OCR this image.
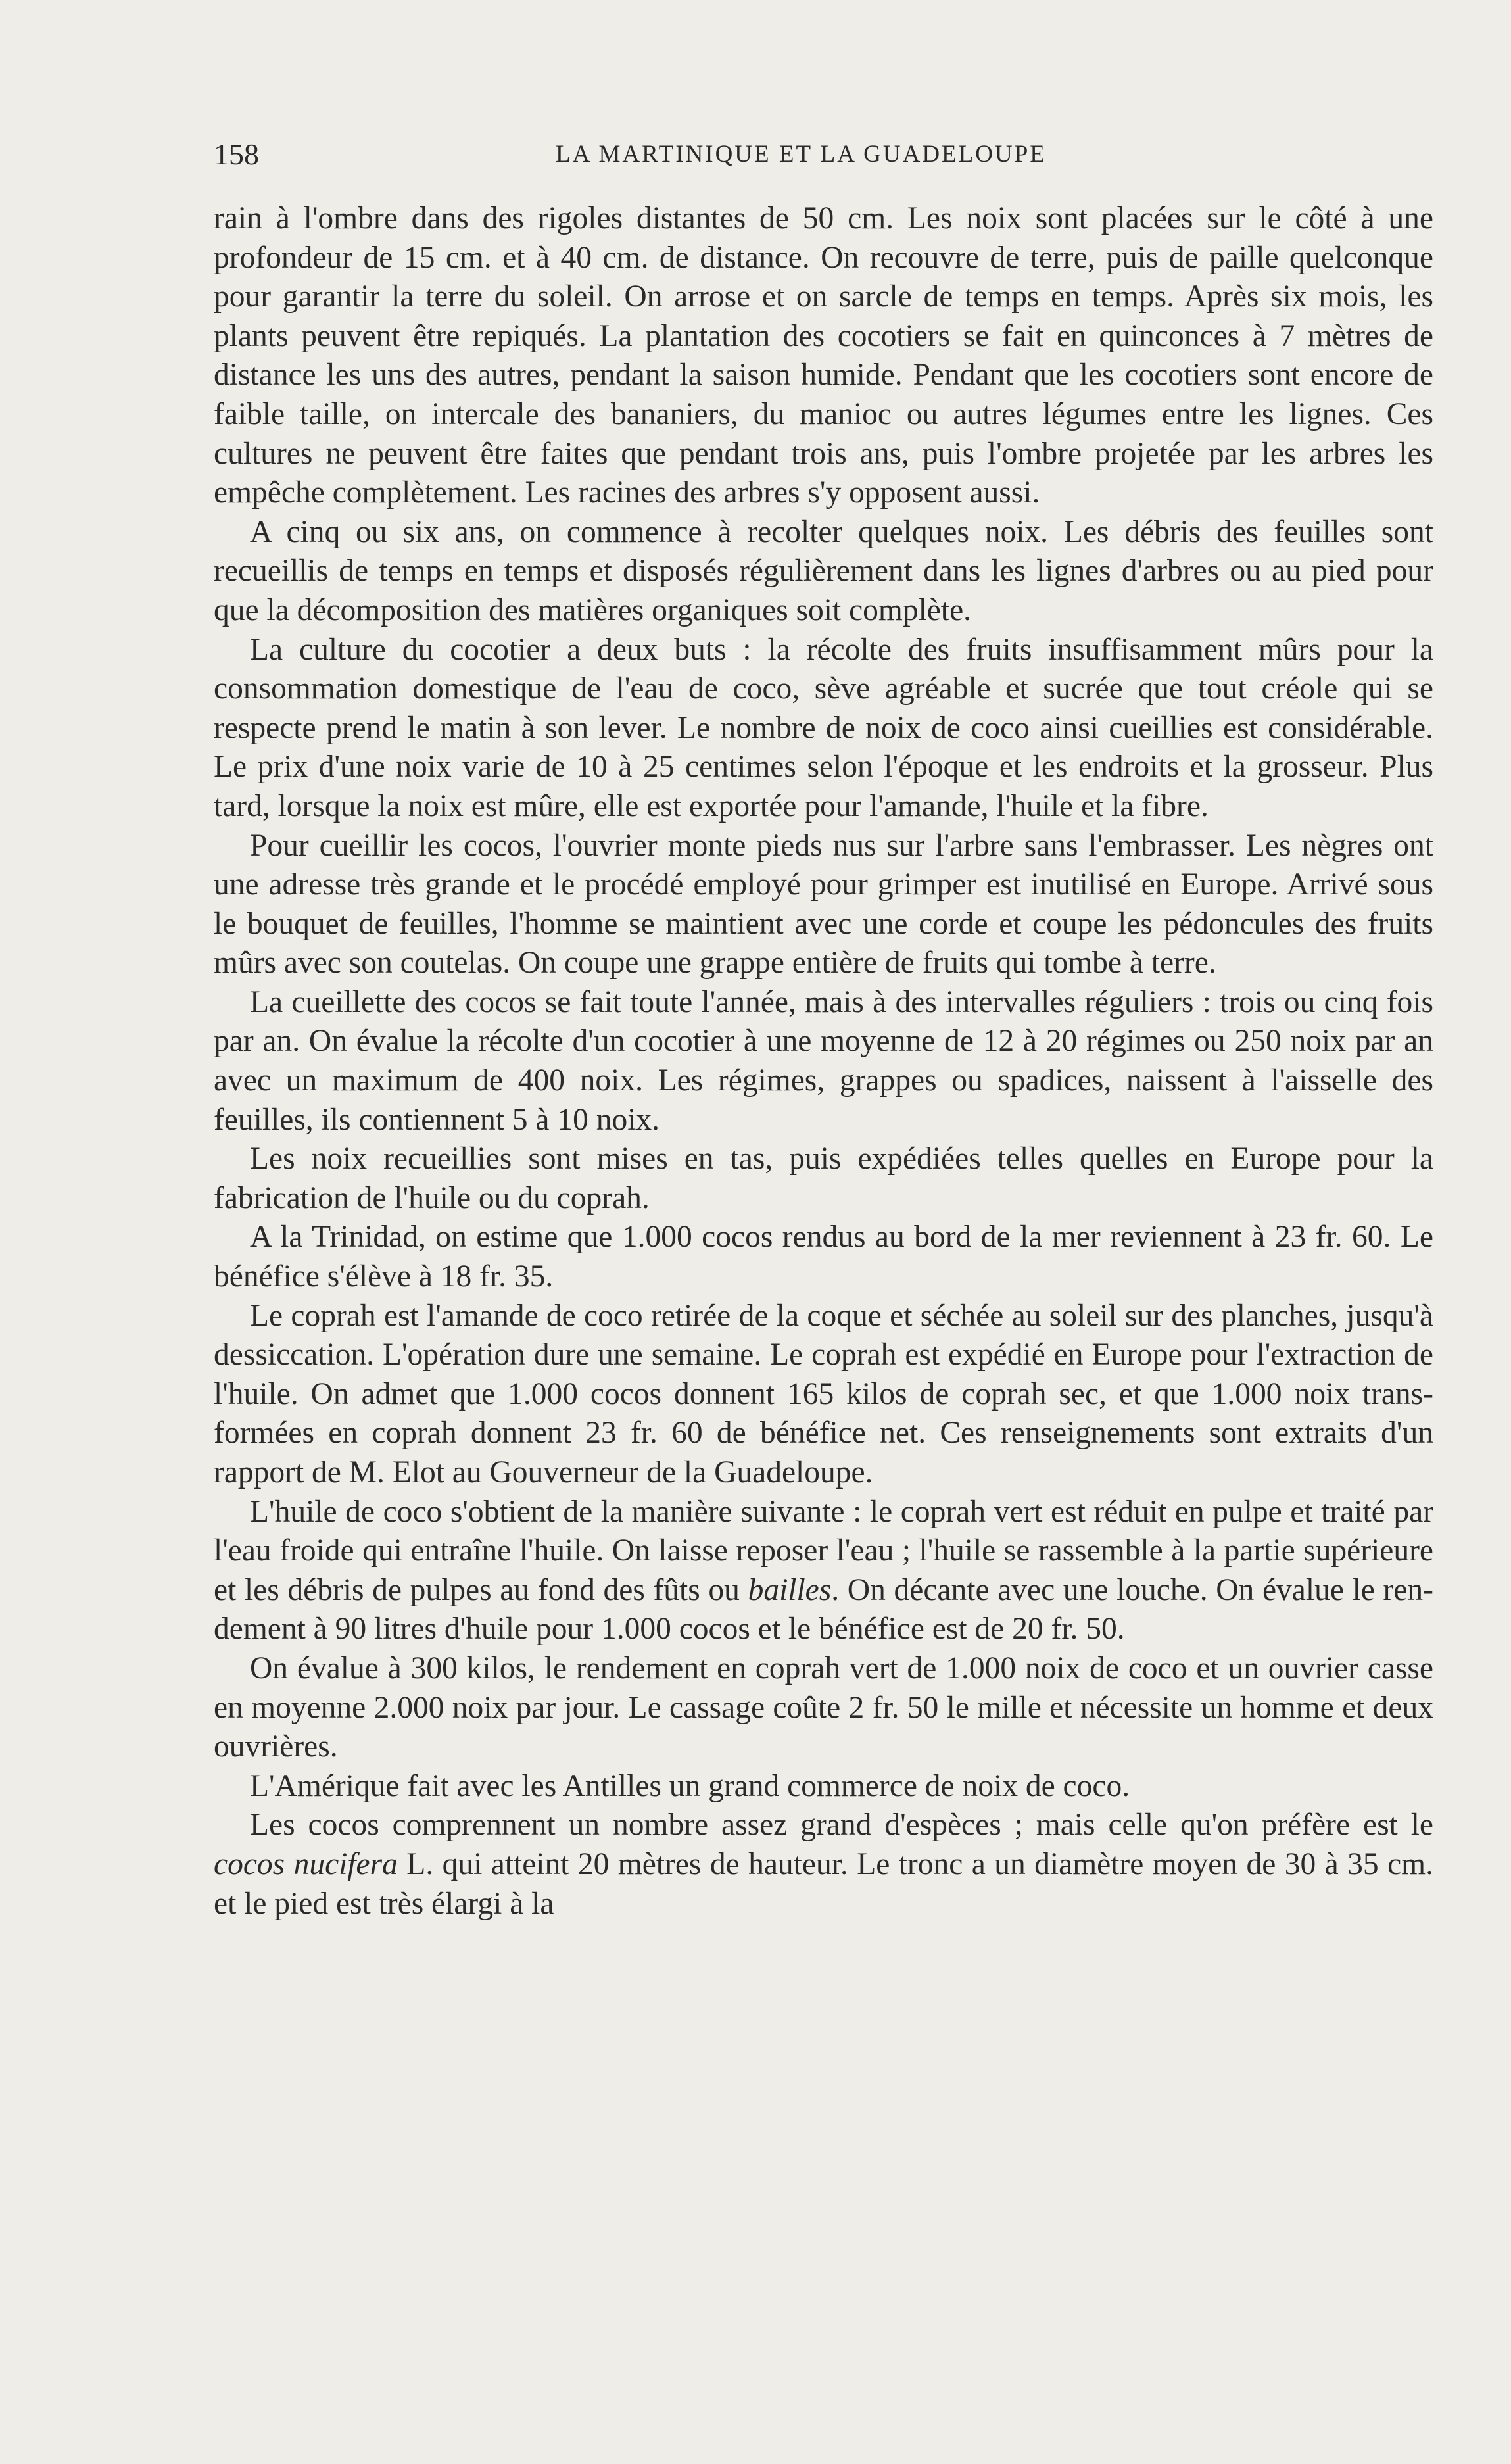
158	LA MARTINIQUE ET LA GUADELOUPE

rain à l'ombre dans des rigoles distantes de 50 cm. Les noix sont placées sur le côté à une profondeur de 15 cm. et à 40 cm. de distance. On recouvre de terre, puis de paille quelconque pour garantir la terre du soleil. On arrose et on sarcle de temps en temps. Après six mois, les plants peuvent être repiqués. La plantation des cocotiers se fait en quinconces à 7 mètres de distance les uns des autres, pendant la saison humide. Pendant que les cocotiers sont encore de faible taille, on intercale des bananiers, du manioc ou autres légumes entre les lignes. Ces cultures ne peuvent être faites que pendant trois ans, puis l'ombre projetée par les arbres les empêche complètement. Les racines des arbres s'y opposent aussi.

A cinq ou six ans, on commence à recolter quelques noix. Les débris des feuilles sont recueillis de temps en temps et disposés régulièrement dans les lignes d'arbres ou au pied pour que la décomposition des matières organiques soit complète.

La culture du cocotier a deux buts : la récolte des fruits insuffisamment mûrs pour la consommation domestique de l'eau de coco, sève agréable et sucrée que tout créole qui se respecte prend le matin à son lever. Le nombre de noix de coco ainsi cueillies est considérable. Le prix d'une noix varie de 10 à 25 centimes selon l'époque et les endroits et la grosseur. Plus tard, lorsque la noix est mûre, elle est exportée pour l'amande, l'huile et la fibre.

Pour cueillir les cocos, l'ouvrier monte pieds nus sur l'arbre sans l'embrasser. Les nègres ont une adresse très grande et le procédé employé pour grimper est inutilisé en Europe. Arrivé sous le bouquet de feuilles, l'homme se maintient avec une corde et coupe les pédoncules des fruits mûrs avec son coutelas. On coupe une grappe entière de fruits qui tombe à terre.

La cueillette des cocos se fait toute l'année, mais à des intervalles réguliers : trois ou cinq fois par an. On évalue la récolte d'un cocotier à une moyenne de 12 à 20 régimes ou 250 noix par an avec un maximum de 400 noix. Les régimes, grappes ou spadices, naissent à l'aisselle des feuilles, ils contiennent 5 à 10 noix.

Les noix recueillies sont mises en tas, puis expédiées telles quelles en Europe pour la fabrication de l'huile ou du coprah.

A la Trinidad, on estime que 1.000 cocos rendus au bord de la mer reviennent à 23 fr. 60. Le bénéfice s'élève à 18 fr. 35.

Le coprah est l'amande de coco retirée de la coque et séchée au soleil sur des planches, jusqu'à dessiccation. L'opération dure une semaine. Le coprah est expédié en Europe pour l'extraction de l'huile. On admet que 1.000 cocos donnent 165 kilos de coprah sec, et que 1.000 noix transformées en coprah donnent 23 fr. 60 de bénéfice net. Ces renseignements sont extraits d'un rapport de M. Elot au Gouverneur de la Guadeloupe.

L'huile de coco s'obtient de la manière suivante : le coprah vert est réduit en pulpe et traité par l'eau froide qui entraîne l'huile. On laisse reposer l'eau ; l'huile se rassemble à la partie supérieure et les débris de pulpes au fond des fûts ou bailles. On décante avec une louche. On évalue le rendement à 90 litres d'huile pour 1.000 cocos et le bénéfice est de 20 fr. 50.

On évalue à 300 kilos, le rendement en coprah vert de 1.000 noix de coco et un ouvrier casse en moyenne 2.000 noix par jour. Le cassage coûte 2 fr. 50 le mille et nécessite un homme et deux ouvrières.

L'Amérique fait avec les Antilles un grand commerce de noix de coco.

Les cocos comprennent un nombre assez grand d'espèces ; mais celle qu'on préfère est le cocos nucifera L. qui atteint 20 mètres de hauteur. Le tronc a un diamètre moyen de 30 à 35 cm. et le pied est très élargi à la
